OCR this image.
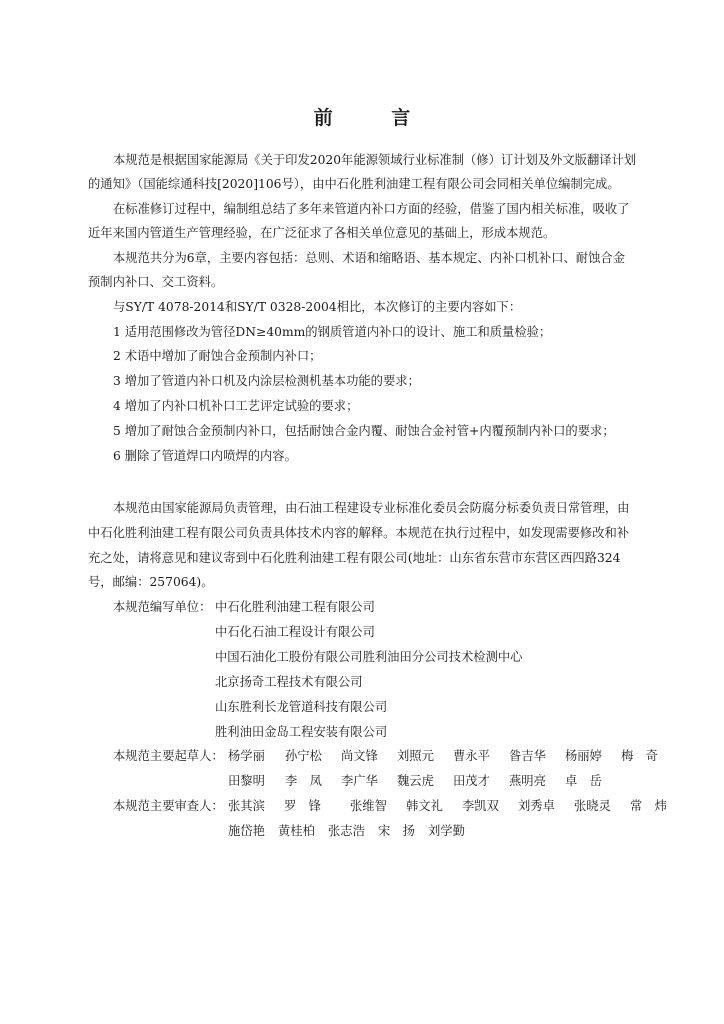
前 言

本规范是根据国家能源局《关于印发2020年能源领域行业标准制（修）订计划及外文版翻译计划

的通知》（国能综通科技[2020]106号），由中石化胜利油建工程有限公司会同相关单位编制完成。

在标准修订过程中，编制组总结了多年来管道内补口方面的经验，借鉴了国内相关标准，吸收了

近年来国内管道生产管理经验，在广泛征求了各相关单位意见的基础上，形成本规范。

本规范共分为6章，主要内容包括：总则、术语和缩略语、基本规定、内补口机补口、耐蚀合金

预制内补口、交工资料。

与SY/T 4078-2014和SY/T 0328-2004相比，本次修订的主要内容如下：

1 适用范围修改为管径DN≥40mm的钢质管道内补口的设计、施工和质量检验；

2 术语中增加了耐蚀合金预制内补口；

3 增加了管道内补口机及内涂层检测机基本功能的要求；

4 增加了内补口机补口工艺评定试验的要求；

5 增加了耐蚀合金预制内补口，包括耐蚀合金内覆、耐蚀合金衬管+内覆预制内补口的要求；

6 删除了管道焊口内喷焊的内容。

本规范由国家能源局负责管理，由石油工程建设专业标准化委员会防腐分标委负责日常管理，由

中石化胜利油建工程有限公司负责具体技术内容的解释。本规范在执行过程中，如发现需要修改和补

充之处，请将意见和建议寄到中石化胜利油建工程有限公司(地址：山东省东营市东营区西四路324

号，邮编：257064)。

本规范编写单位： 中石化胜利油建工程有限公司

中石化石油工程设计有限公司

中国石油化工股份有限公司胜利油田分公司技术检测中心

北京扬奇工程技术有限公司

山东胜利长龙管道科技有限公司

胜利油田金岛工程安装有限公司

本规范主要起草人： 杨学丽	孙宁松	尚文锋	刘照元	曹永平	昝吉华	杨丽婷	梅　奇
田黎明	李　凤	李广华	魏云虎	田茂才	燕明亮	卓　岳

本规范主要审查人： 张其滨	罗　锋	张维智	韩文礼	李凯双	刘秀卓	张晓灵	常　炜
施岱艳	黄桂柏	张志浩	宋　扬	刘学勤
